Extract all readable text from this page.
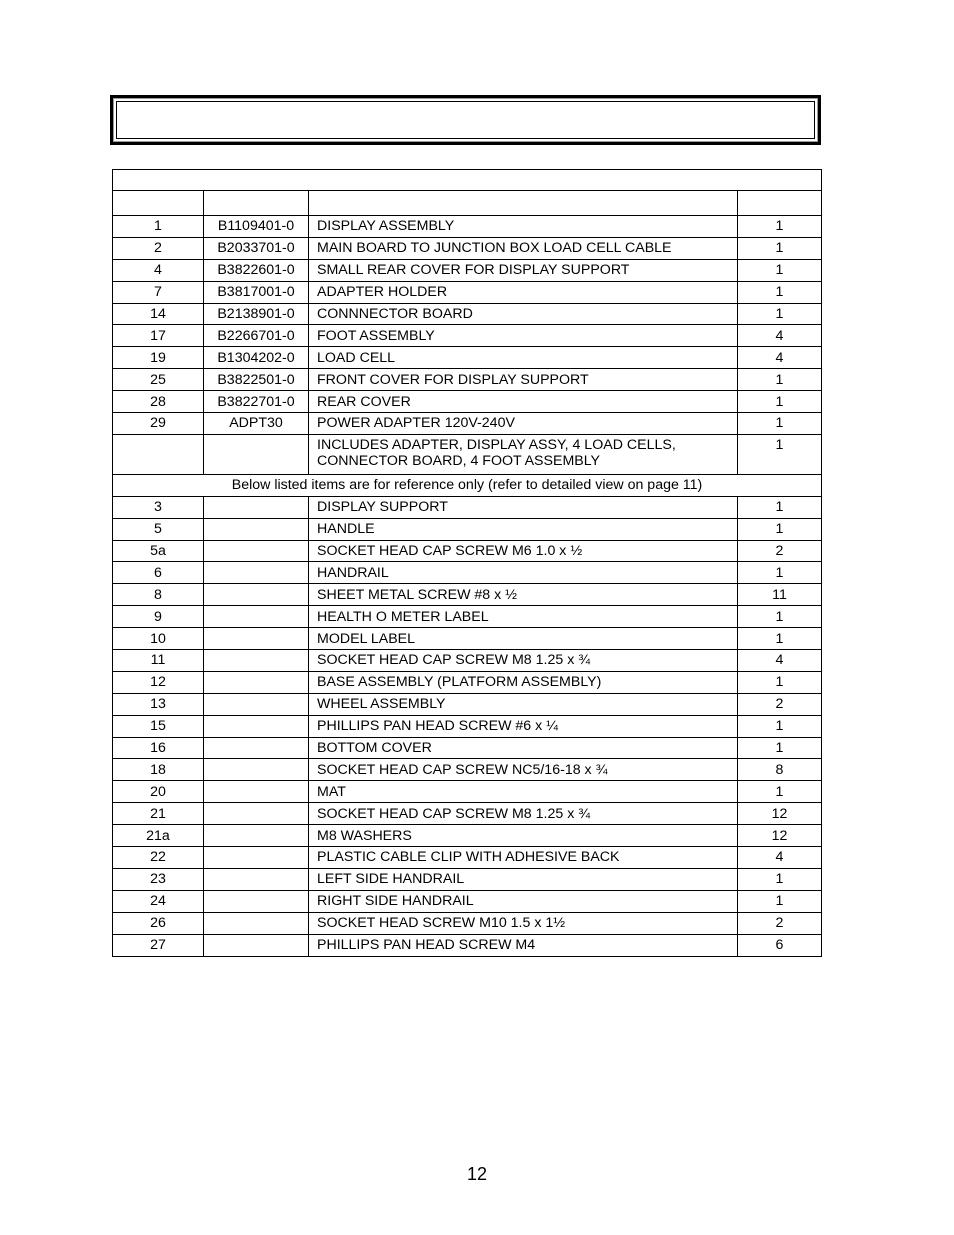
1	B1109401-0	DISPLAY ASSEMBLY	1
2	B2033701-0	MAIN BOARD TO JUNCTION BOX LOAD CELL CABLE	1
4	B3822601-0	SMALL REAR COVER FOR DISPLAY SUPPORT	1
7	B3817001-0	ADAPTER HOLDER	1
14	B2138901-0	CONNNECTOR BOARD	1
17	B2266701-0	FOOT ASSEMBLY	4
19	B1304202-0	LOAD CELL	4
25	B3822501-0	FRONT COVER FOR DISPLAY SUPPORT	1
28	B3822701-0	REAR COVER	1
29	ADPT30	POWER ADAPTER 120V-240V	1
		INCLUDES ADAPTER, DISPLAY ASSY, 4 LOAD CELLS, CONNECTOR BOARD, 4 FOOT ASSEMBLY	1
Below listed items are for reference only (refer to detailed view on page 11)			
3		DISPLAY SUPPORT	1
5		HANDLE	1
5a		SOCKET HEAD CAP SCREW M6 1.0 x ½	2
6		HANDRAIL	1
8		SHEET METAL SCREW #8 x ½	11
9		HEALTH O METER LABEL	1
10		MODEL LABEL	1
11		SOCKET HEAD CAP SCREW M8 1.25 x ¾	4
12		BASE ASSEMBLY (PLATFORM ASSEMBLY)	1
13		WHEEL ASSEMBLY	2
15		PHILLIPS PAN HEAD SCREW #6 x ¼	1
16		BOTTOM COVER	1
18		SOCKET HEAD CAP SCREW NC5/16-18 x ¾	8
20		MAT	1
21		SOCKET HEAD CAP SCREW M8 1.25 x ¾	12
21a		M8 WASHERS	12
22		PLASTIC CABLE CLIP WITH ADHESIVE BACK	4
23		LEFT SIDE HANDRAIL	1
24		RIGHT SIDE HANDRAIL	1
26		SOCKET HEAD SCREW M10 1.5 x 1½	2
27		PHILLIPS PAN HEAD SCREW M4	6
12
